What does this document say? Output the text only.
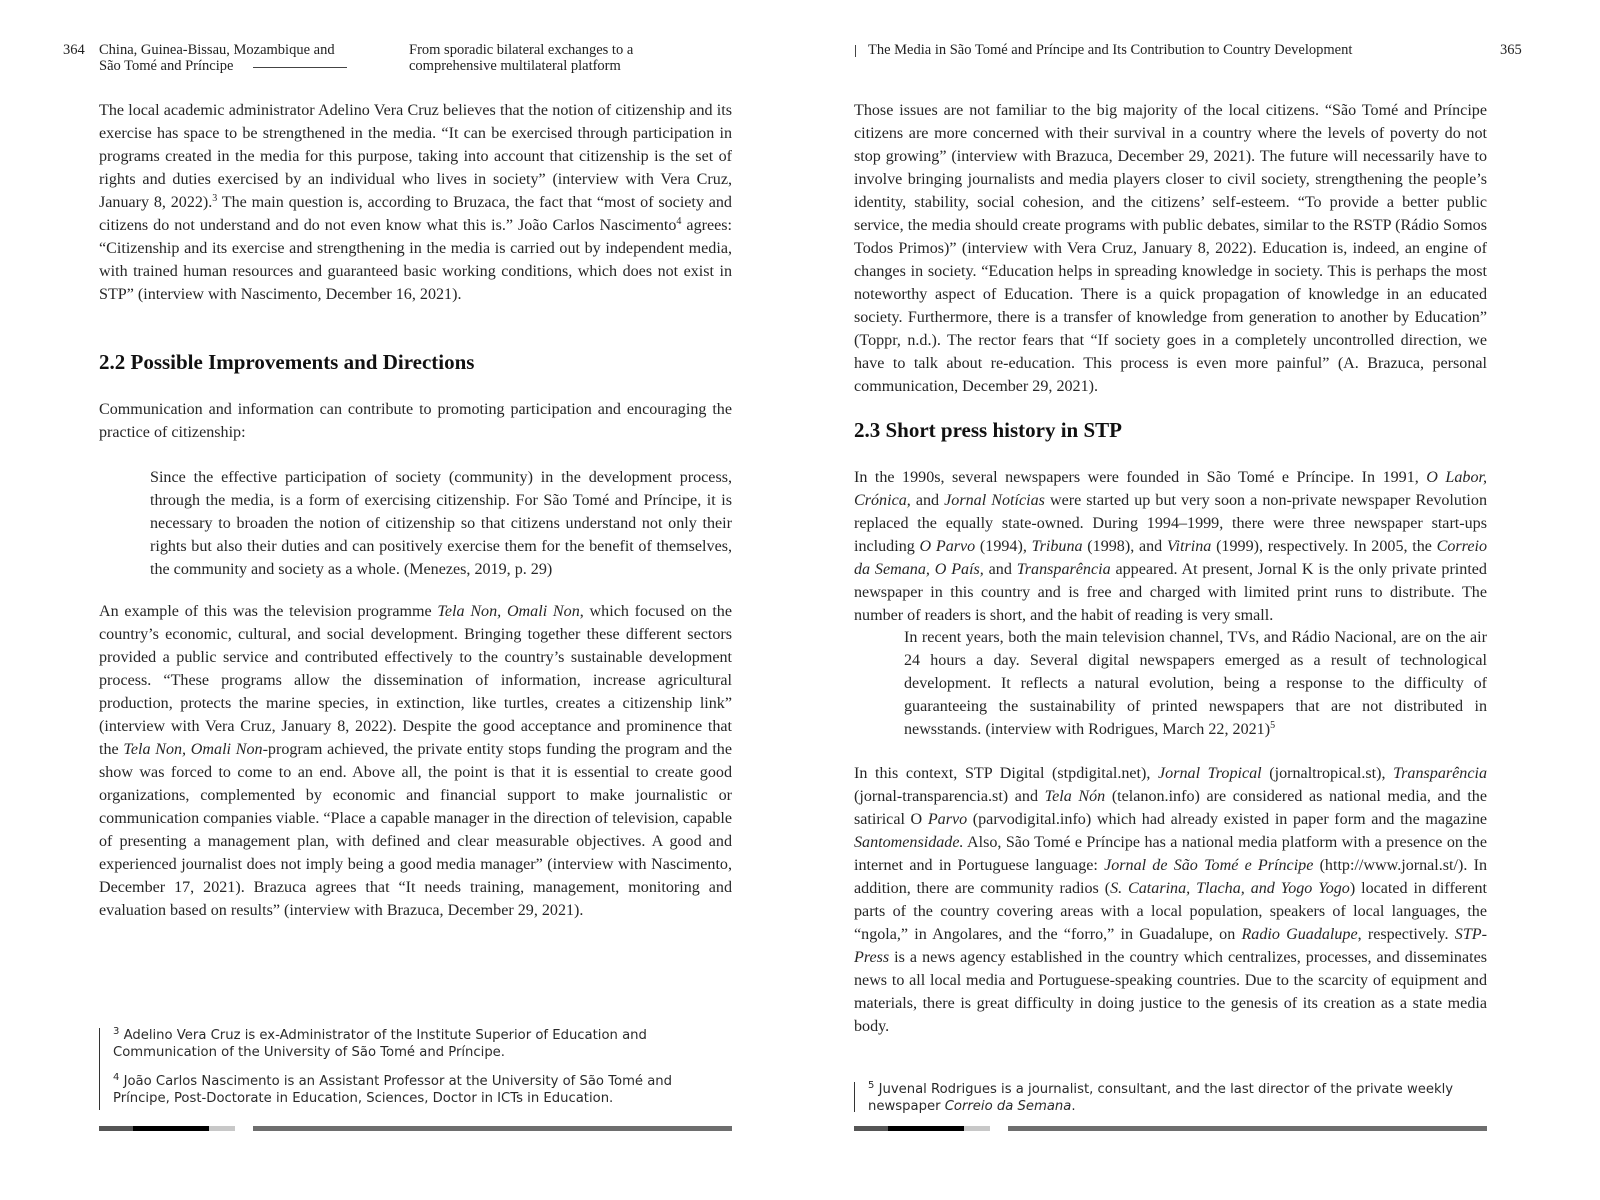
364 China, Guinea-Bissau, Mozambique and
São Tomé and Príncipe
From sporadic bilateral exchanges to a
comprehensive multilateral platform

The local academic administrator Adelino Vera Cruz believes that the notion of citizenship and its exercise has space to be strengthened in the media. “It can be exercised through participation in programs created in the media for this purpose, taking into account that citizenship is the set of rights and duties exercised by an individual who lives in society” (interview with Vera Cruz, January 8, 2022).$^3$ The main question is, according to Bruzaca, the fact that “most of society and citizens do not understand and do not even know what this is.” João Carlos Nascimento$^4$ agrees: “Citizenship and its exercise and strengthening in the media is carried out by independent media, with trained human resources and guaranteed basic working conditions, which does not exist in STP” (interview with Nascimento, December 16, 2021).

2.2 Possible Improvements and Directions
Communication and information can contribute to promoting participation and encouraging the practice of citizenship:
Since the effective participation of society (community) in the development process, through the media, is a form of exercising citizenship. For São Tomé and Príncipe, it is necessary to broaden the notion of citizenship so that citizens understand not only their rights but also their duties and can positively exercise them for the benefit of themselves, the community and society as a whole. (Menezes, 2019, p. 29)

An example of this was the television programme Tela Non, Omali Non, which focused on the country’s economic, cultural, and social development. Bringing together these different sectors provided a public service and contributed effectively to the country’s sustainable development process. “These programs allow the dissemination of information, increase agricultural production, protects the marine species, in extinction, like turtles, creates a citizenship link” (interview with Vera Cruz, January 8, 2022). Despite the good acceptance and prominence that the Tela Non, Omali Non-program achieved, the private entity stops funding the program and the show was forced to come to an end. Above all, the point is that it is essential to create good organizations, complemented by economic and financial support to make journalistic or communication companies viable. “Place a capable manager in the direction of television, capable of presenting a management plan, with defined and clear measurable objectives. A good and experienced journalist does not imply being a good media manager” (interview with Nascimento, December 17, 2021). Brazuca agrees that “It needs training, management, monitoring and evaluation based on results” (interview with Brazuca, December 29, 2021).

$^3$ Adelino Vera Cruz is ex-Administrator of the Institute Superior of Education and Communication of the University of São Tomé and Príncipe.

$^4$ João Carlos Nascimento is an Assistant Professor at the University of São Tomé and Príncipe, Post-Doctorate in Education, Sciences, Doctor in ICTs in Education.

The Media in São Tomé and Príncipe and Its Contribution to Country Development	365
Those issues are not familiar to the big majority of the local citizens. “São Tomé and Príncipe citizens are more concerned with their survival in a country where the levels of poverty do not stop growing” (interview with Brazuca, December 29, 2021). The future will necessarily have to involve bringing journalists and media players closer to civil society, strengthening the people’s identity, stability, social cohesion, and the citizens’ self-esteem. “To provide a better public service, the media should create programs with public debates, similar to the RSTP (Rádio Somos Todos Primos)” (interview with Vera Cruz, January 8, 2022). Education is, indeed, an engine of changes in society. “Education helps in spreading knowledge in society. This is perhaps the most noteworthy aspect of Education. There is a quick propagation of knowledge in an educated society. Furthermore, there is a transfer of knowledge from generation to another by Education” (Toppr, n.d.). The rector fears that “If society goes in a completely uncontrolled direction, we have to talk about re-education. This process is even more painful” (A. Brazuca, personal communication, December 29, 2021).
2.3 Short press history in STP

In the 1990s, several newspapers were founded in São Tomé e Príncipe. In 1991, O Labor, Crónica, and Jornal Notícias were started up but very soon a non-private newspaper Revolution replaced the equally state-owned. During 1994–1999, there were three newspaper start-ups including O Parvo (1994), Tribuna (1998), and Vitrina (1999), respectively. In 2005, the Correio da Semana, O País, and Transparência appeared. At present, Jornal K is the only private printed newspaper in this country and is free and charged with limited print runs to distribute. The number of readers is short, and the habit of reading is very small.

In recent years, both the main television channel, TVs, and Rádio Nacional, are on the air 24 hours a day. Several digital newspapers emerged as a result of technological development. It reflects a natural evolution, being a response to the difficulty of guaranteeing the sustainability of printed newspapers that are not distributed in newsstands. (interview with Rodrigues, March 22, 2021)$^5$

In this context, STP Digital (stpdigital.net), Jornal Tropical (jornaltropical.st), Transparência (jornal-transparencia.st) and Tela Nón (telanon.info) are considered as national media, and the satirical O Parvo (parvodigital.info) which had already existed in paper form and the magazine Santomensidade. Also, São Tomé e Príncipe has a national media platform with a presence on the internet and in Portuguese language: Jornal de São Tomé e Príncipe (http://www.jornal.st/). In addition, there are community radios (S. Catarina, Tlacha, and Yogo Yogo) located in different parts of the country covering areas with a local population, speakers of local languages, the “ngola,” in Angolares, and the “forro,” in Guadalupe, on Radio Guadalupe, respectively. STP-Press is a news agency established in the country which centralizes, processes, and disseminates news to all local media and Portuguese-speaking countries. Due to the scarcity of equipment and materials, there is great difficulty in doing justice to the genesis of its creation as a state media body.

$^5$ Juvenal Rodrigues is a journalist, consultant, and the last director of the private weekly newspaper Correio da Semana.
